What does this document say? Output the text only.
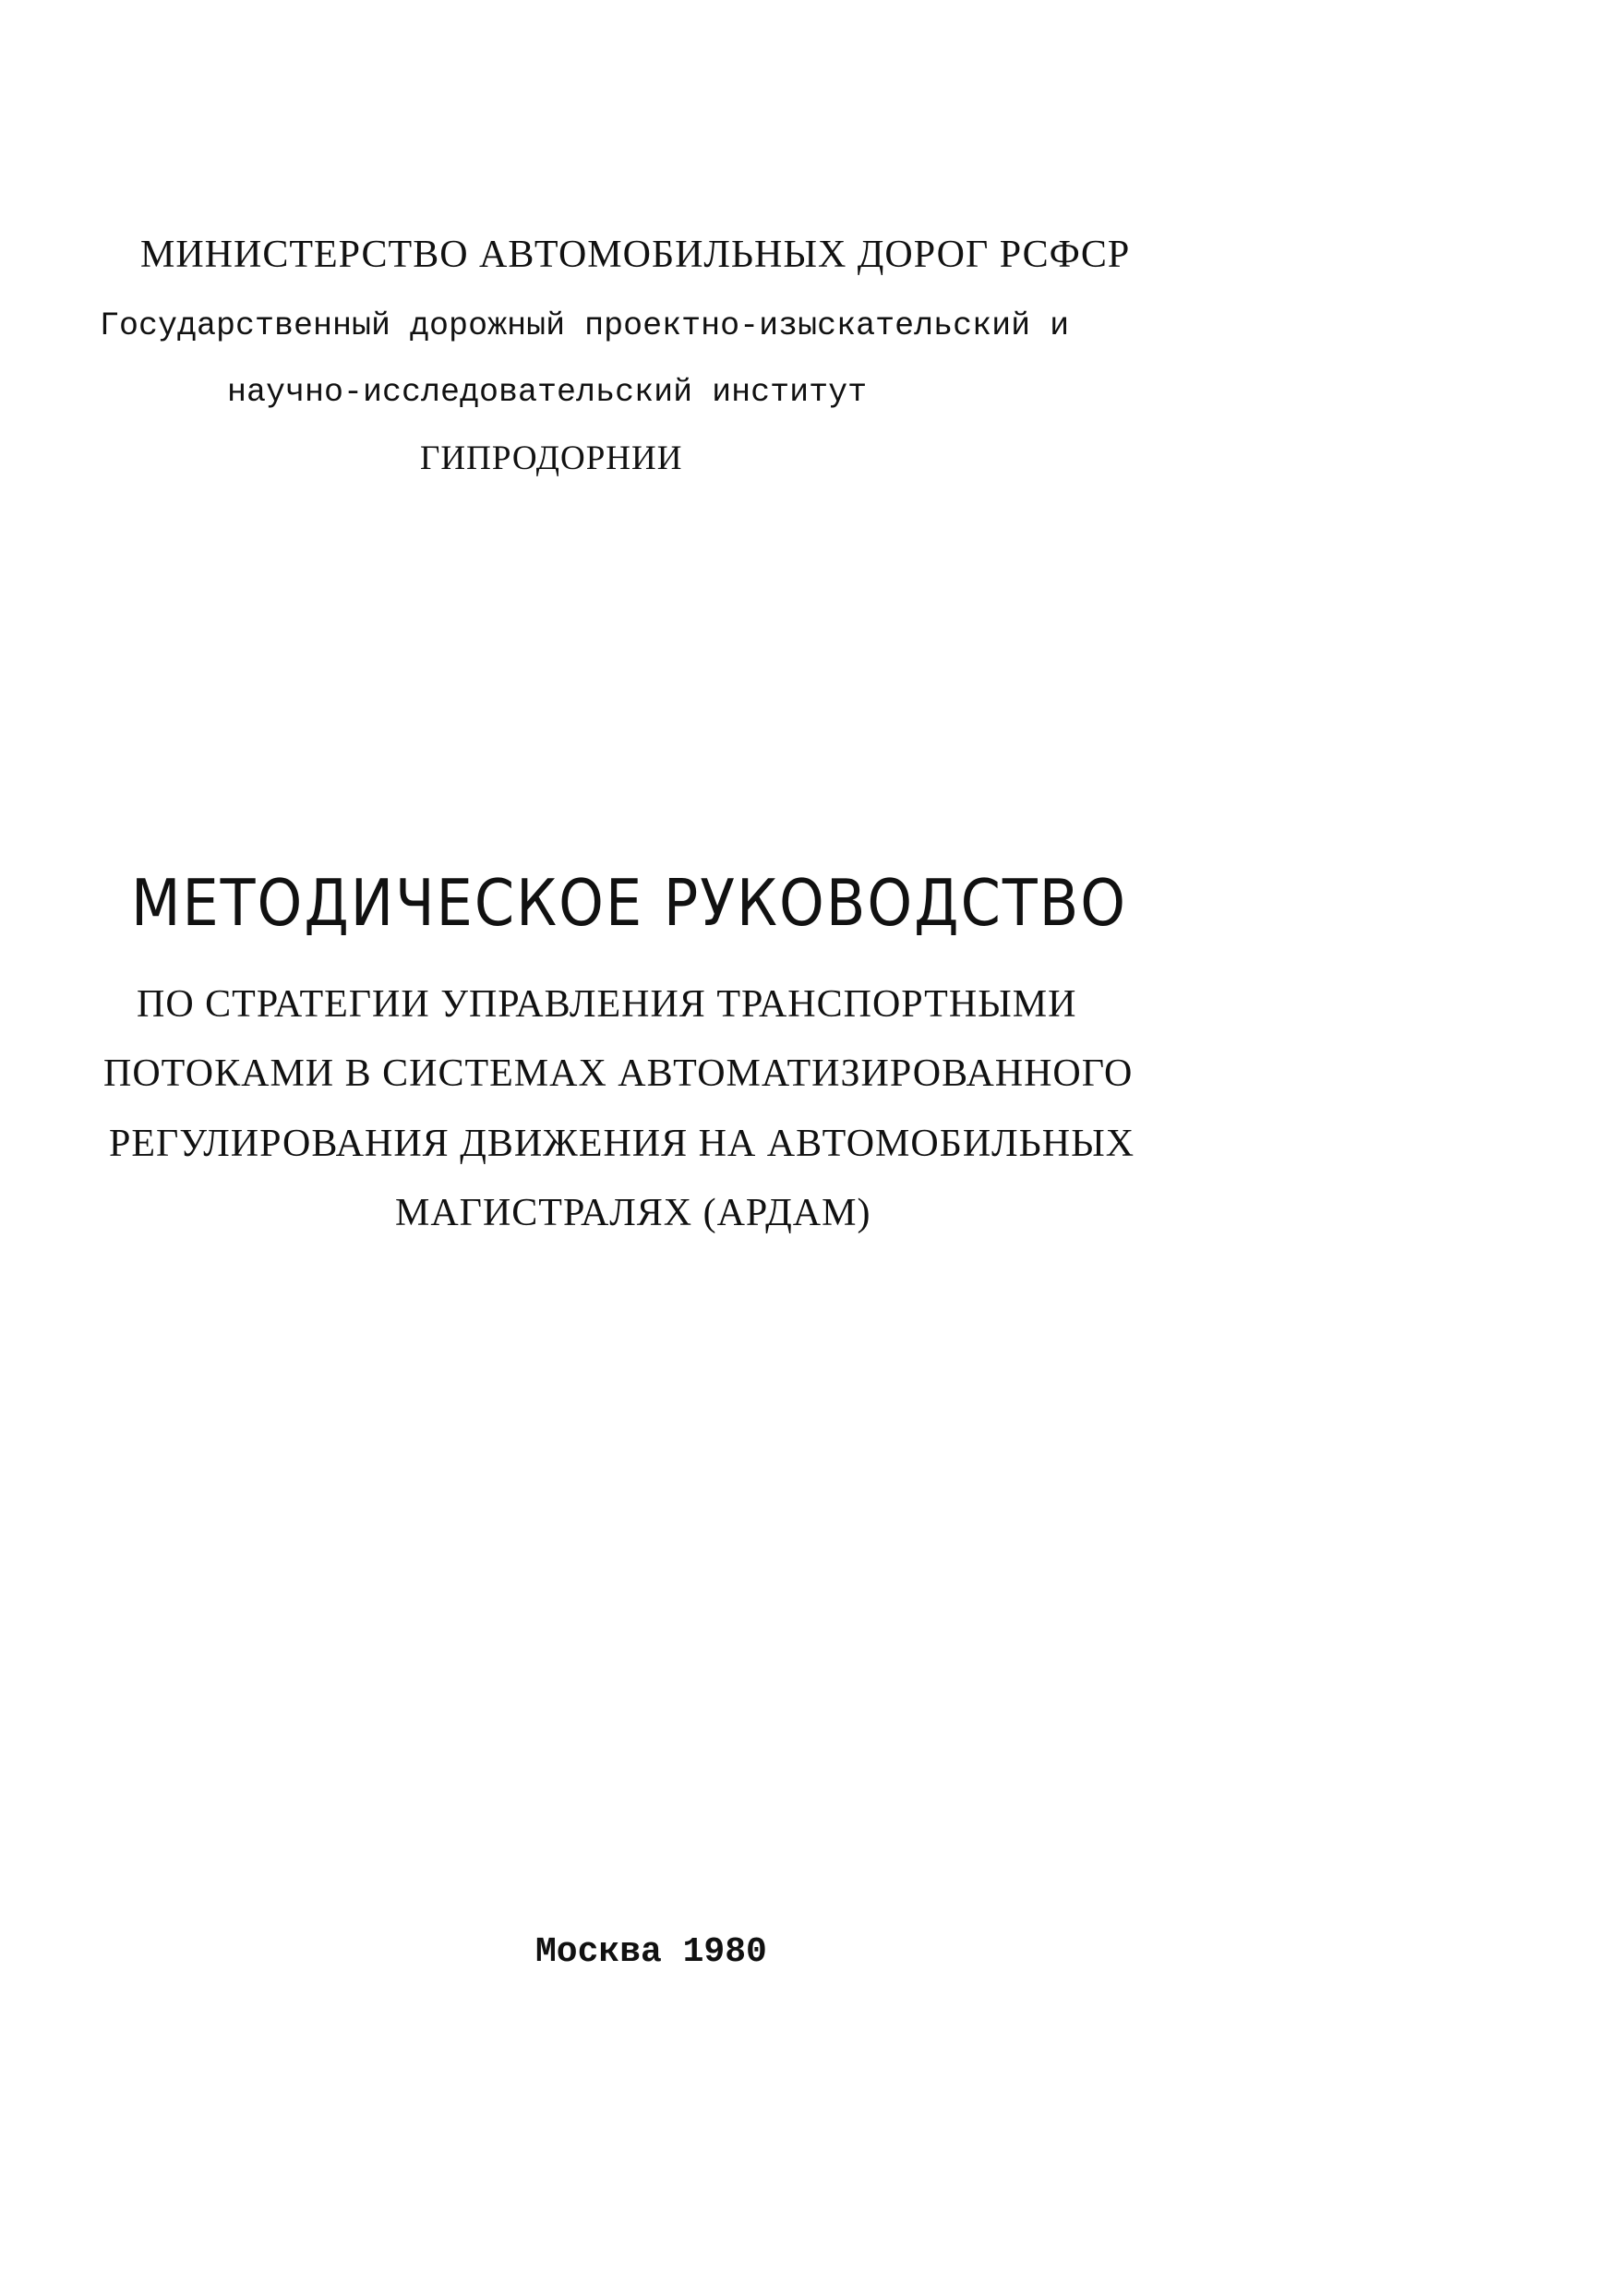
МИНИСТЕРСТВО АВТОМОБИЛЬНЫХ ДОРОГ РСФСР
Государственный дорожный проектно-изыскательский и
научно-исследовательский институт
ГИПРОДОРНИИ
МЕТОДИЧЕСКОЕ РУКОВОДСТВО
ПО СТРАТЕГИИ УПРАВЛЕНИЯ ТРАНСПОРТНЫМИ
ПОТОКАМИ В СИСТЕМАХ АВТОМАТИЗИРОВАННОГО
РЕГУЛИРОВАНИЯ ДВИЖЕНИЯ НА АВТОМОБИЛЬНЫХ
МАГИСТРАЛЯХ (АРДАМ)
Москва 1980
